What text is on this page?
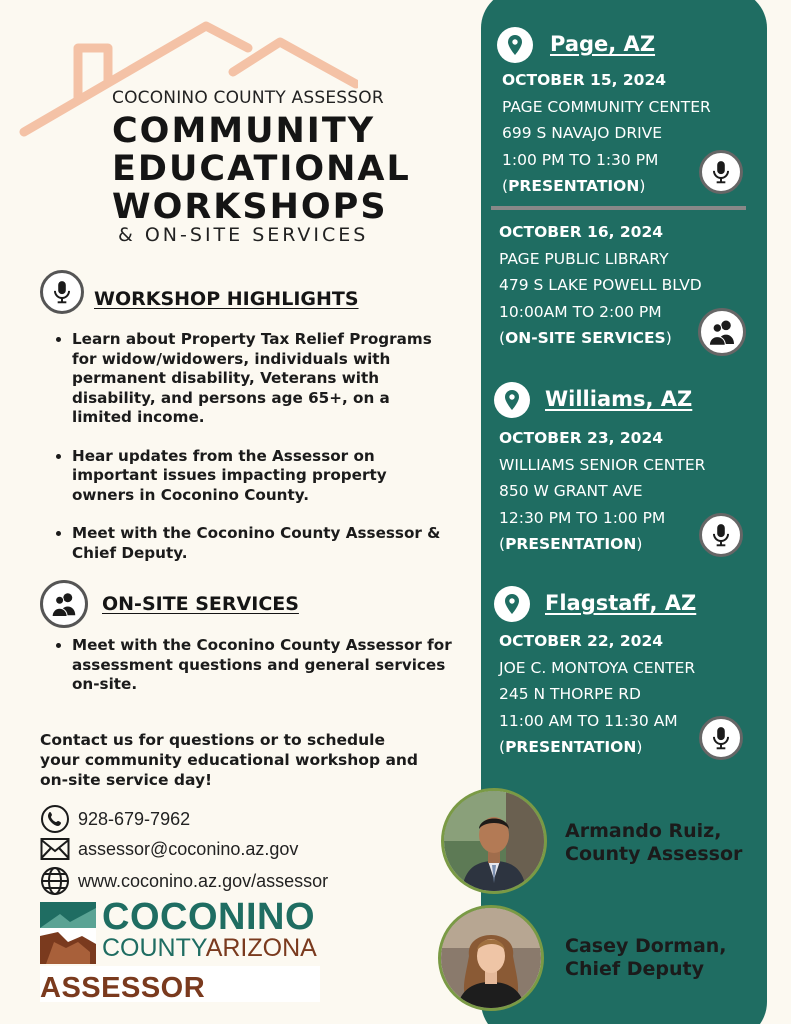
COCONINO COUNTY ASSESSOR
COMMUNITY
EDUCATIONAL
WORKSHOPS
& ON-SITE SERVICES
WORKSHOP HIGHLIGHTS
• Learn about Property Tax Relief Programs for widow/widowers, individuals with permanent disability, Veterans with disability, and persons age 65+, on a limited income.
• Hear updates from the Assessor on important issues impacting property owners in Coconino County.
• Meet with the Coconino County Assessor & Chief Deputy.
ON-SITE SERVICES
• Meet with the Coconino County Assessor for assessment questions and general services on-site.
Contact us for questions or to schedule your community educational workshop and on-site service day!
928-679-7962
assessor@coconino.az.gov
www.coconino.az.gov/assessor
COCONINO
COUNTYARIZONA
ASSESSOR
Page, AZ
OCTOBER 15, 2024
PAGE COMMUNITY CENTER
699 S NAVAJO DRIVE
1:00 PM TO 1:30 PM
(PRESENTATION)
OCTOBER 16, 2024
PAGE PUBLIC LIBRARY
479 S LAKE POWELL BLVD
10:00AM TO 2:00 PM
(ON-SITE SERVICES)
Williams, AZ
OCTOBER 23, 2024
WILLIAMS SENIOR CENTER
850 W GRANT AVE
12:30 PM TO 1:00 PM
(PRESENTATION)
Flagstaff, AZ
OCTOBER 22, 2024
JOE C. MONTOYA CENTER
245 N THORPE RD
11:00 AM TO 11:30 AM
(PRESENTATION)
Armando Ruiz,
County Assessor
Casey Dorman,
Chief Deputy
